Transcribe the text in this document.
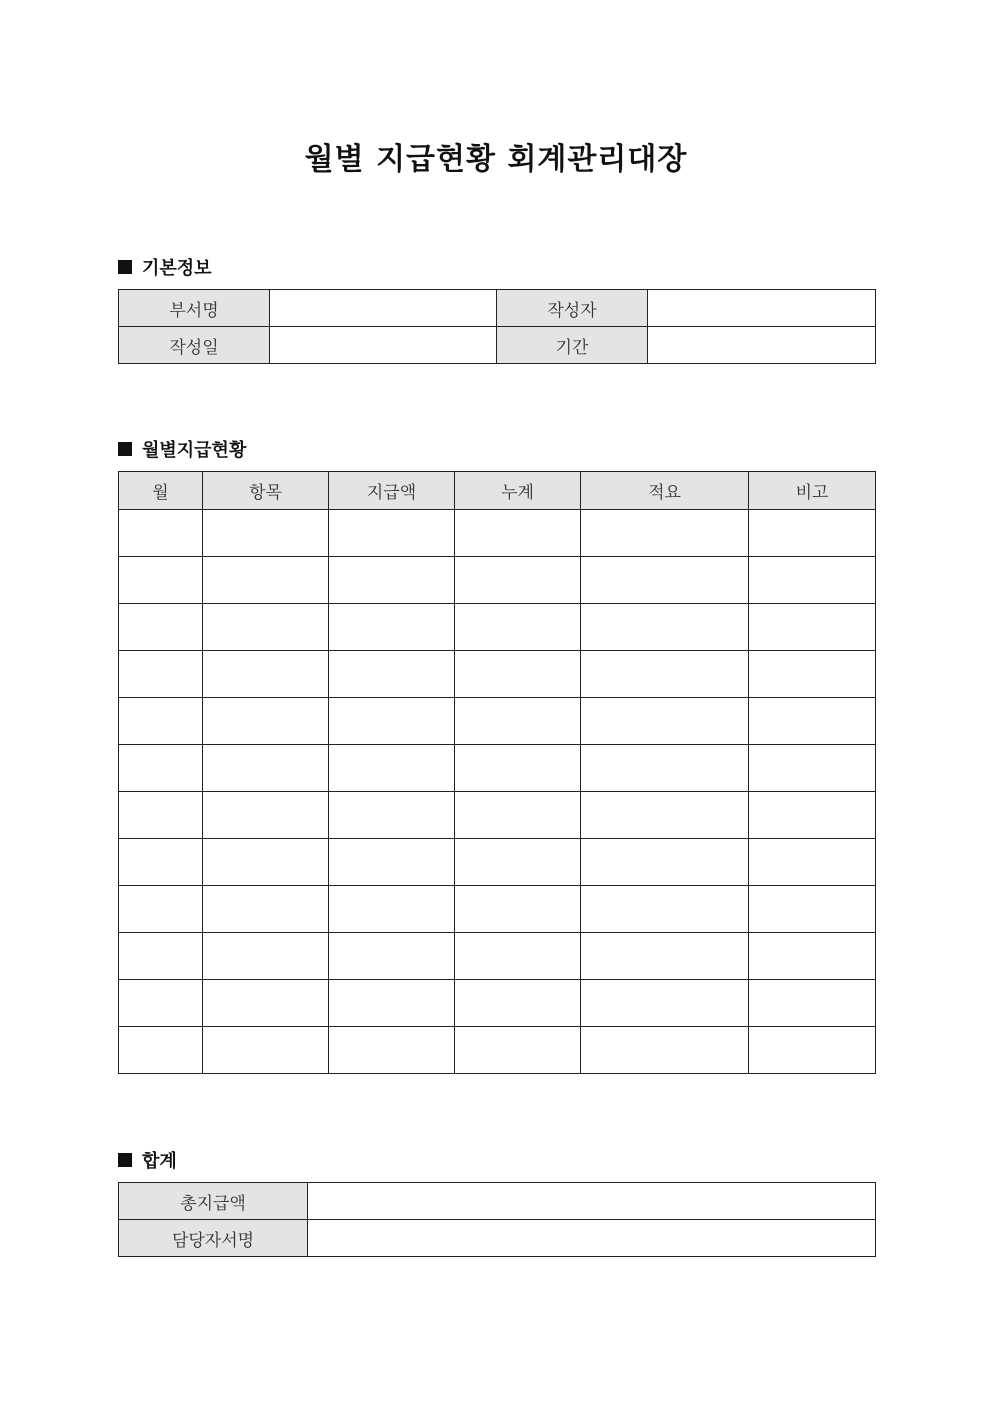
월별 지급현황 회계관리대장
기본정보
부서명		작성자	
작성일		기간	
월별지급현황
월	항목	지급액	누계	적요	비고

합계
총지급액	
담당자서명	
